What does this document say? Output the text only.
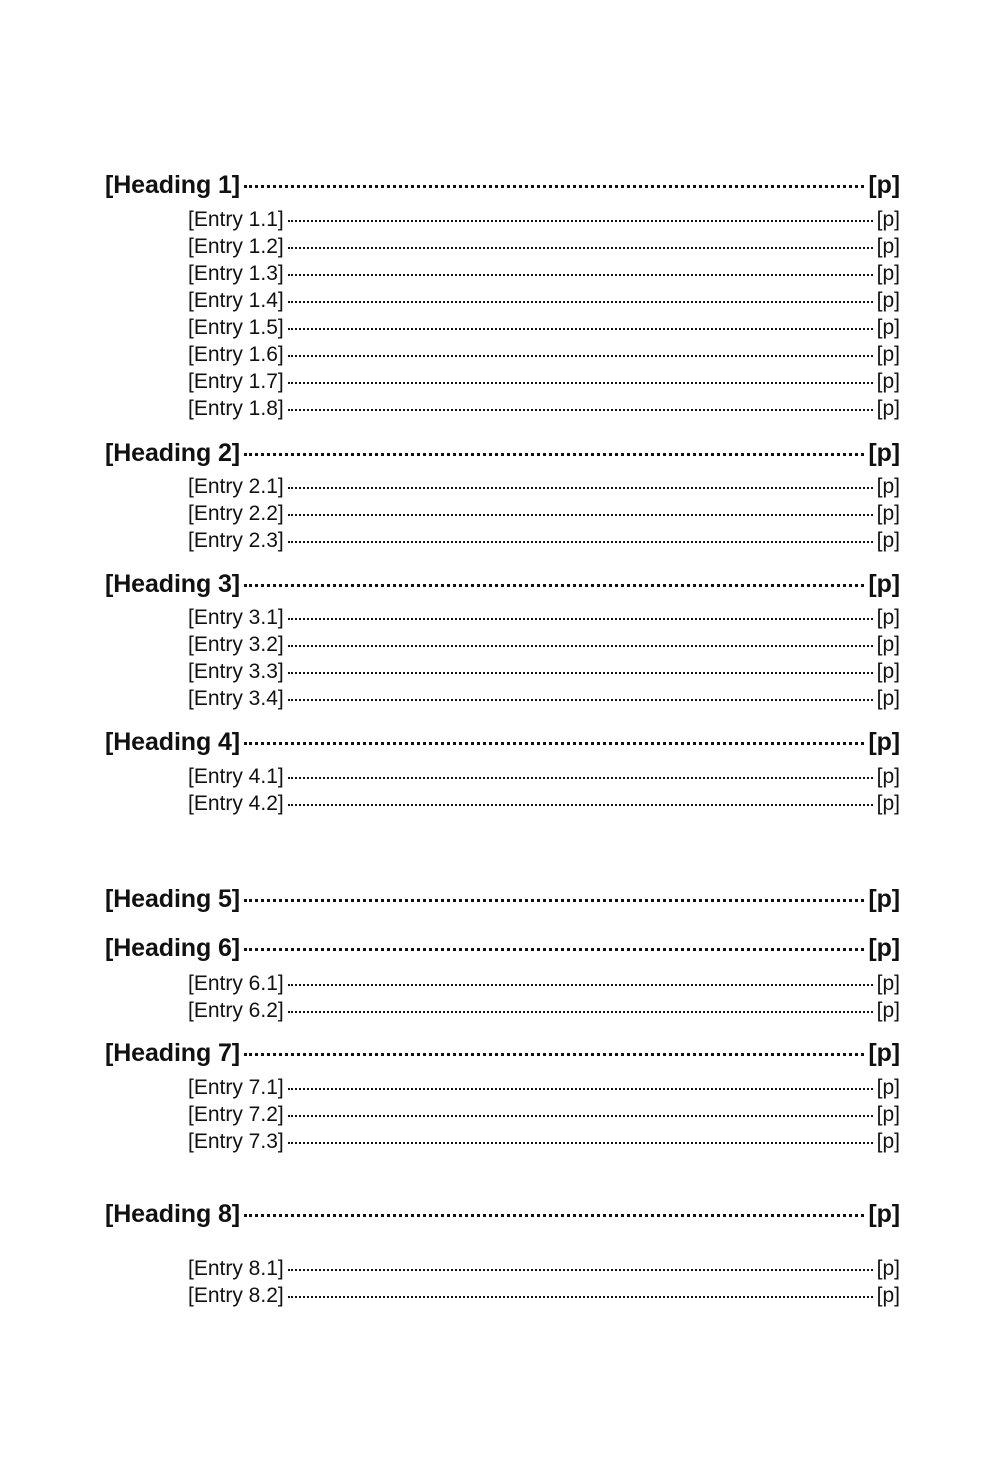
[Heading 1]	[p]
[Entry 1.1]	[p]
[Entry 1.2]	[p]
[Entry 1.3]	[p]
[Entry 1.4]	[p]
[Entry 1.5]	[p]
[Entry 1.6]	[p]
[Entry 1.7]	[p]
[Entry 1.8]	[p]
[Heading 2]	[p]
[Entry 2.1]	[p]
[Entry 2.2]	[p]
[Entry 2.3]	[p]
[Heading 3]	[p]
[Entry 3.1]	[p]
[Entry 3.2]	[p]
[Entry 3.3]	[p]
[Entry 3.4]	[p]
[Heading 4]	[p]
[Entry 4.1]	[p]
[Entry 4.2]	[p]
[Heading 5]	[p]
[Heading 6]	[p]
[Entry 6.1]	[p]
[Entry 6.2]	[p]
[Heading 7]	[p]
[Entry 7.1]	[p]
[Entry 7.2]	[p]
[Entry 7.3]	[p]
[Heading 8]	[p]
[Entry 8.1]	[p]
[Entry 8.2]	[p]
